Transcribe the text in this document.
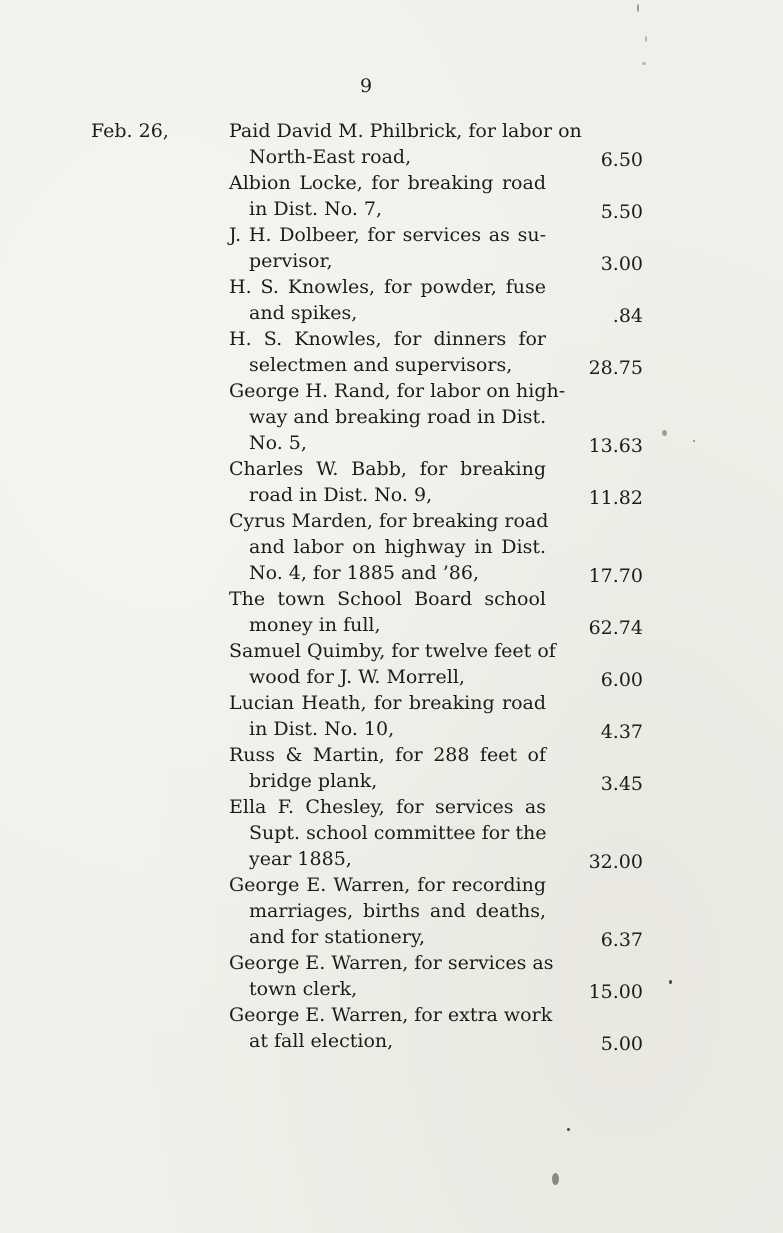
9
Feb. 26,	Paid David M. Philbrick, for labor on
North-East road,	6.50
Albion Locke, for breaking road
in Dist. No. 7,	5.50
J. H. Dolbeer, for services as su-
pervisor,	3.00
H. S. Knowles, for powder, fuse
and spikes,	.84
H. S. Knowles, for dinners for
selectmen and supervisors,	28.75
George H. Rand, for labor on high-
way and breaking road in Dist.
No. 5,	13.63
Charles W. Babb, for breaking
road in Dist. No. 9,	11.82
Cyrus Marden, for breaking road
and labor on highway in Dist.
No. 4, for 1885 and ’86,	17.70
The town School Board school
money in full,	62.74
Samuel Quimby, for twelve feet of
wood for J. W. Morrell,	6.00
Lucian Heath, for breaking road
in Dist. No. 10,	4.37
Russ & Martin, for 288 feet of
bridge plank,	3.45
Ella F. Chesley, for services as
Supt. school committee for the
year 1885,	32.00
George E. Warren, for recording
marriages, births and deaths,
and for stationery,	6.37
George E. Warren, for services as
town clerk,	15.00
George E. Warren, for extra work
at fall election,	5.00
